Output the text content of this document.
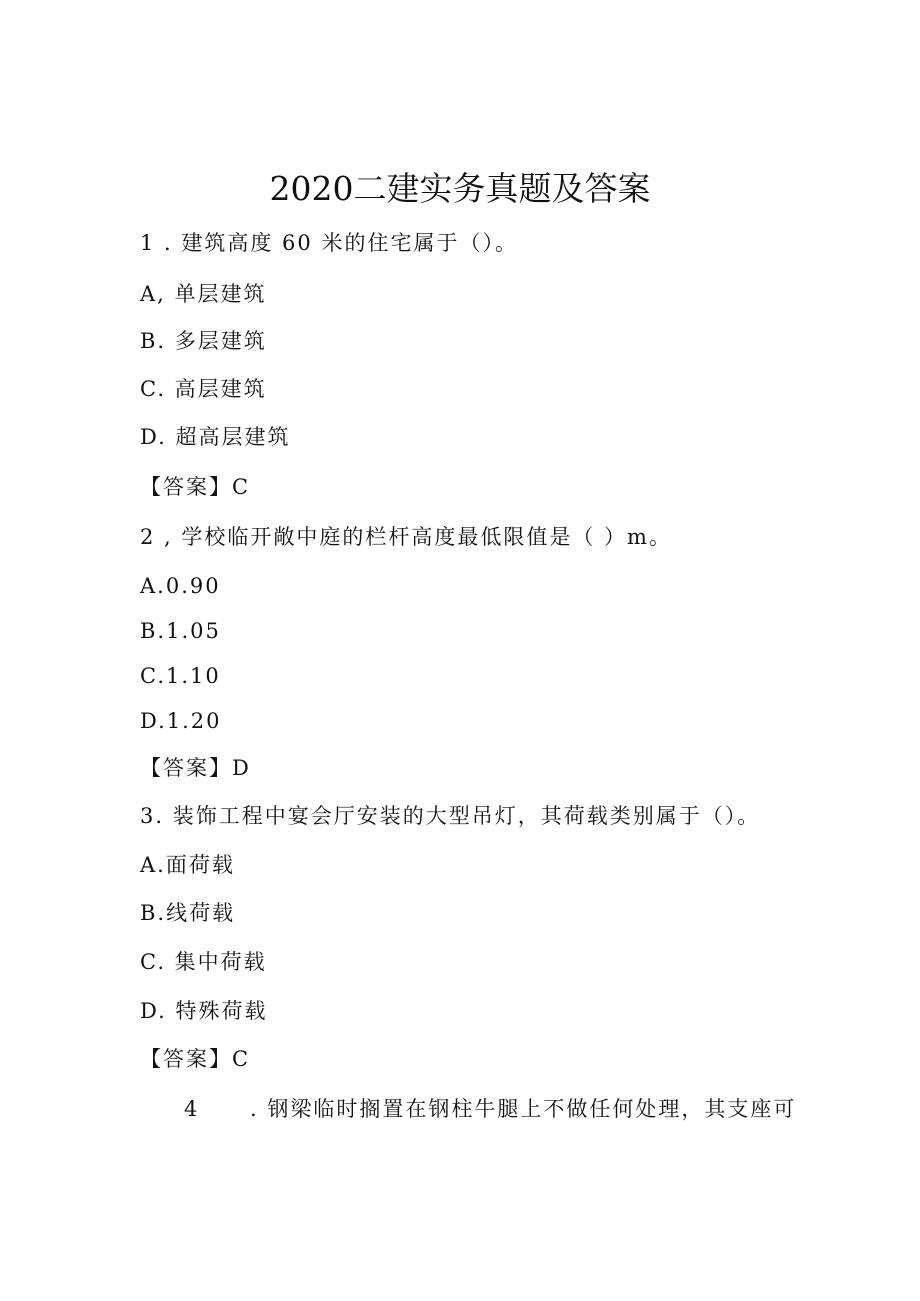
2020二建实务真题及答案
1 . 建筑高度 60 米的住宅属于（）。
A, 单层建筑
B. 多层建筑
C. 高层建筑
D. 超高层建筑
【答案】C
2 , 学校临开敞中庭的栏杆高度最低限值是（ ）m。
A.0.90
B.1.05
C.1.10
D.1.20
【答案】D
3. 装饰工程中宴会厅安装的大型吊灯，其荷载类别属于（）。
A.面荷载
B.线荷载
C. 集中荷载
D. 特殊荷载
【答案】C
4	. 钢梁临时搁置在钢柱牛腿上不做任何处理，其支座可
